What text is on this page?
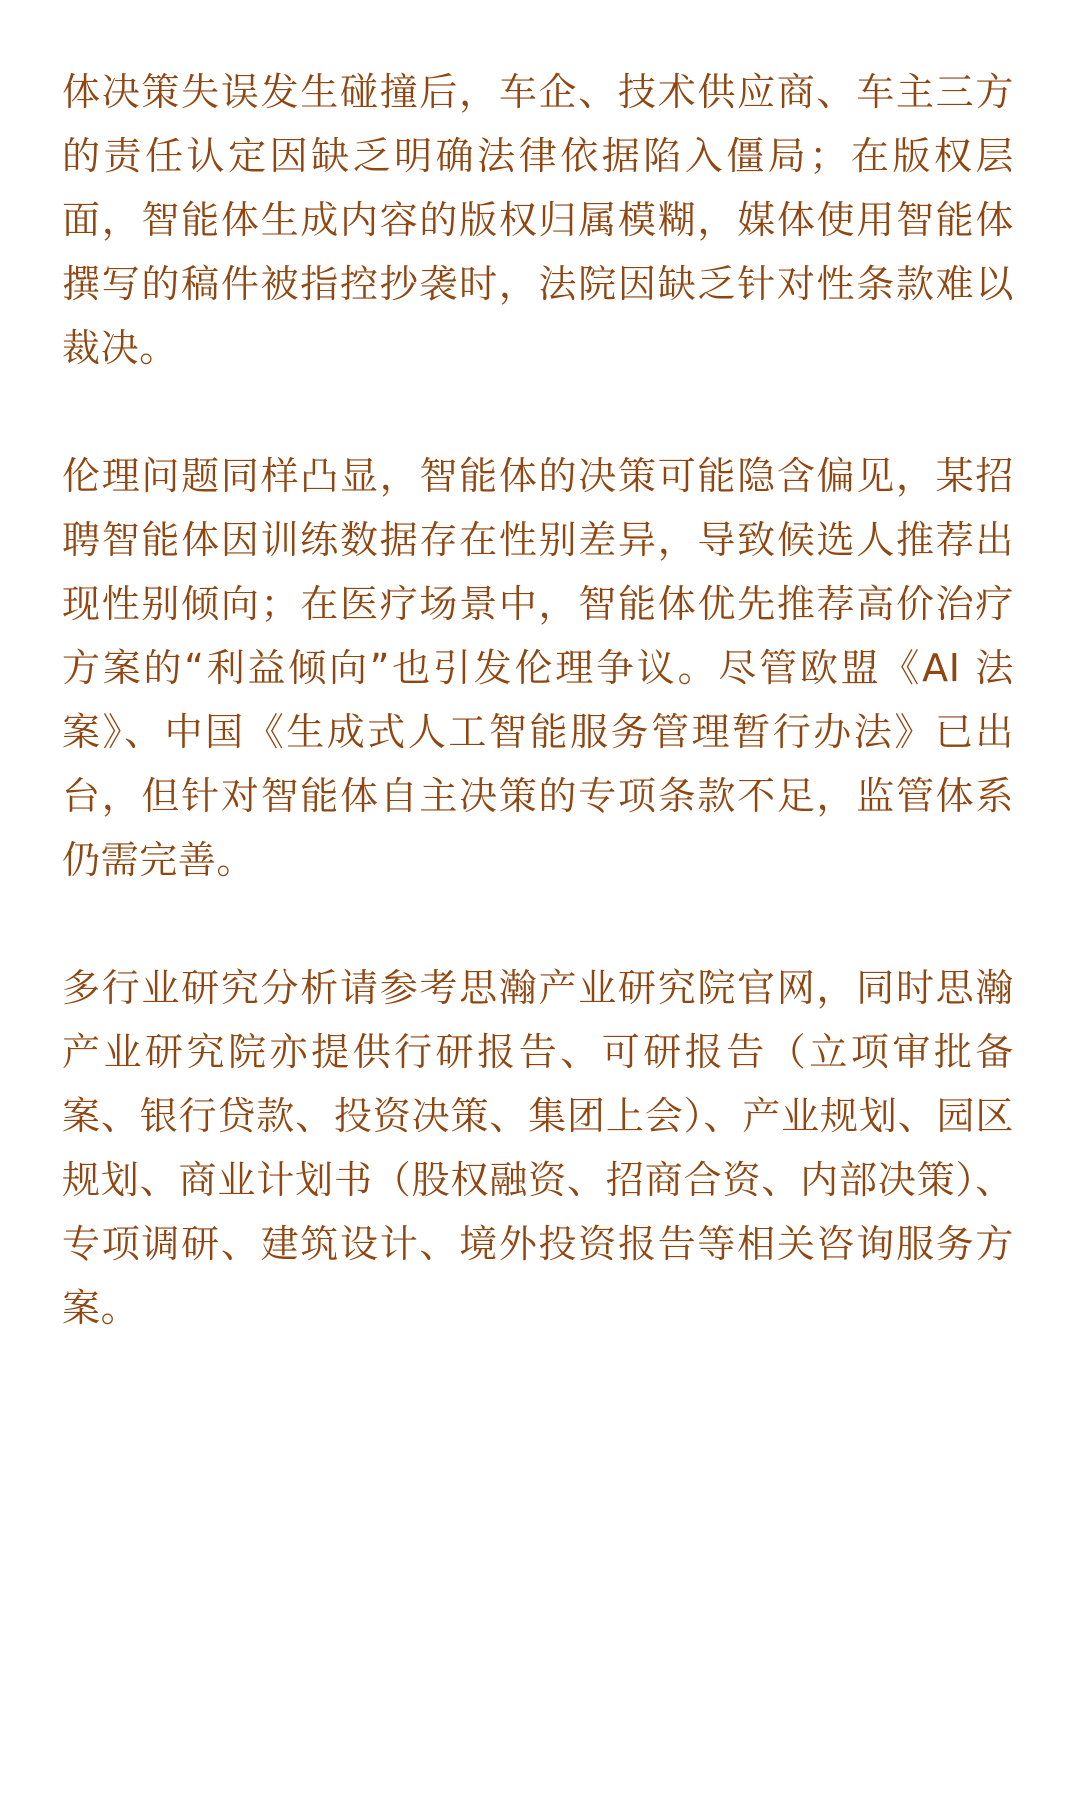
体决策失误发生碰撞后，车企、技术供应商、车主三方的责任认定因缺乏明确法律依据陷入僵局；在版权层面，智能体生成内容的版权归属模糊，媒体使用智能体撰写的稿件被指控抄袭时，法院因缺乏针对性条款难以裁决。

伦理问题同样凸显，智能体的决策可能隐含偏见，某招聘智能体因训练数据存在性别差异，导致候选人推荐出现性别倾向；在医疗场景中，智能体优先推荐高价治疗方案的“利益倾向”也引发伦理争议。尽管欧盟《AI 法案》、中国《生成式人工智能服务管理暂行办法》已出台，但针对智能体自主决策的专项条款不足，监管体系仍需完善。

多行业研究分析请参考思瀚产业研究院官网，同时思瀚产业研究院亦提供行研报告、可研报告（立项审批备案、银行贷款、投资决策、集团上会）、产业规划、园区规划、商业计划书（股权融资、招商合资、内部决策）、专项调研、建筑设计、境外投资报告等相关咨询服务方案。
